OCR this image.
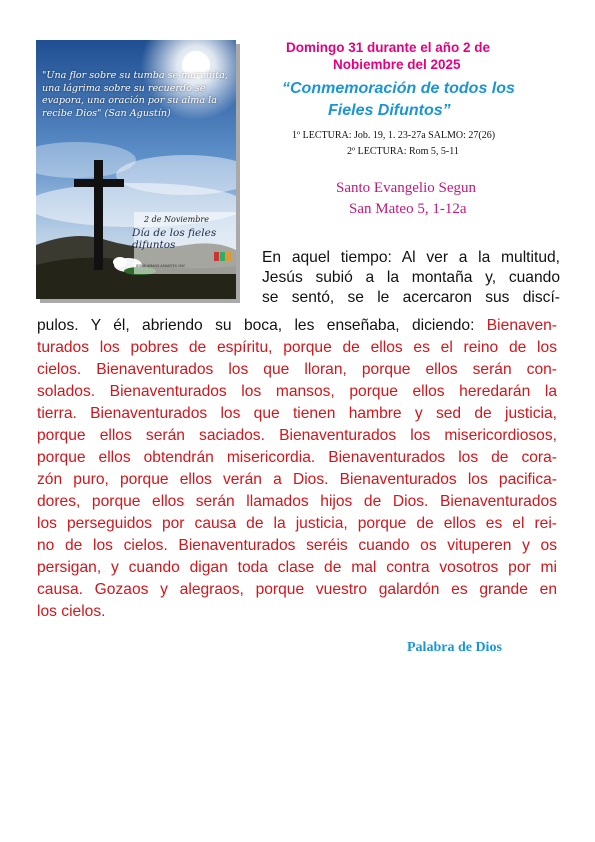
"Una flor sobre su tumba se marchita, una lágrima sobre su recuerdo se evapora, una oración por su alma la recibe Dios" (San Agustín)

2 de Noviembre

Día de los fieles difuntos

JESÚS AMAOS AMANTES UNC

Domingo 31 durante el año 2 de

Nobiembre del 2025

“Conmemoración de todos los

Fieles Difuntos”

1º LECTURA: Job. 19, 1. 23-27a SALMO: 27(26)

2º LECTURA: Rom 5, 5-11

Santo Evangelio Segun

San Mateo 5, 1-12a

En aquel tiempo: Al ver a la multitud,

Jesús subió a la montaña y, cuando

se sentó, se le acercaron sus discí-

pulos. Y él, abriendo su boca, les enseñaba, diciendo: Bienaven-

turados los pobres de espíritu, porque de ellos es el reino de los

cielos. Bienaventurados los que lloran, porque ellos serán con-

solados. Bienaventurados los mansos, porque ellos heredarán la

tierra. Bienaventurados los que tienen hambre y sed de justicia,

porque ellos serán saciados. Bienaventurados los misericordiosos,

porque ellos obtendrán misericordia. Bienaventurados los de cora-

zón puro, porque ellos verán a Dios. Bienaventurados los pacifica-

dores, porque ellos serán llamados hijos de Dios. Bienaventurados

los perseguidos por causa de la justicia, porque de ellos es el rei-

no de los cielos. Bienaventurados seréis cuando os vituperen y os

persigan, y cuando digan toda clase de mal contra vosotros por mi

causa. Gozaos y alegraos, porque vuestro galardón es grande en

los cielos.

Palabra de Dios
